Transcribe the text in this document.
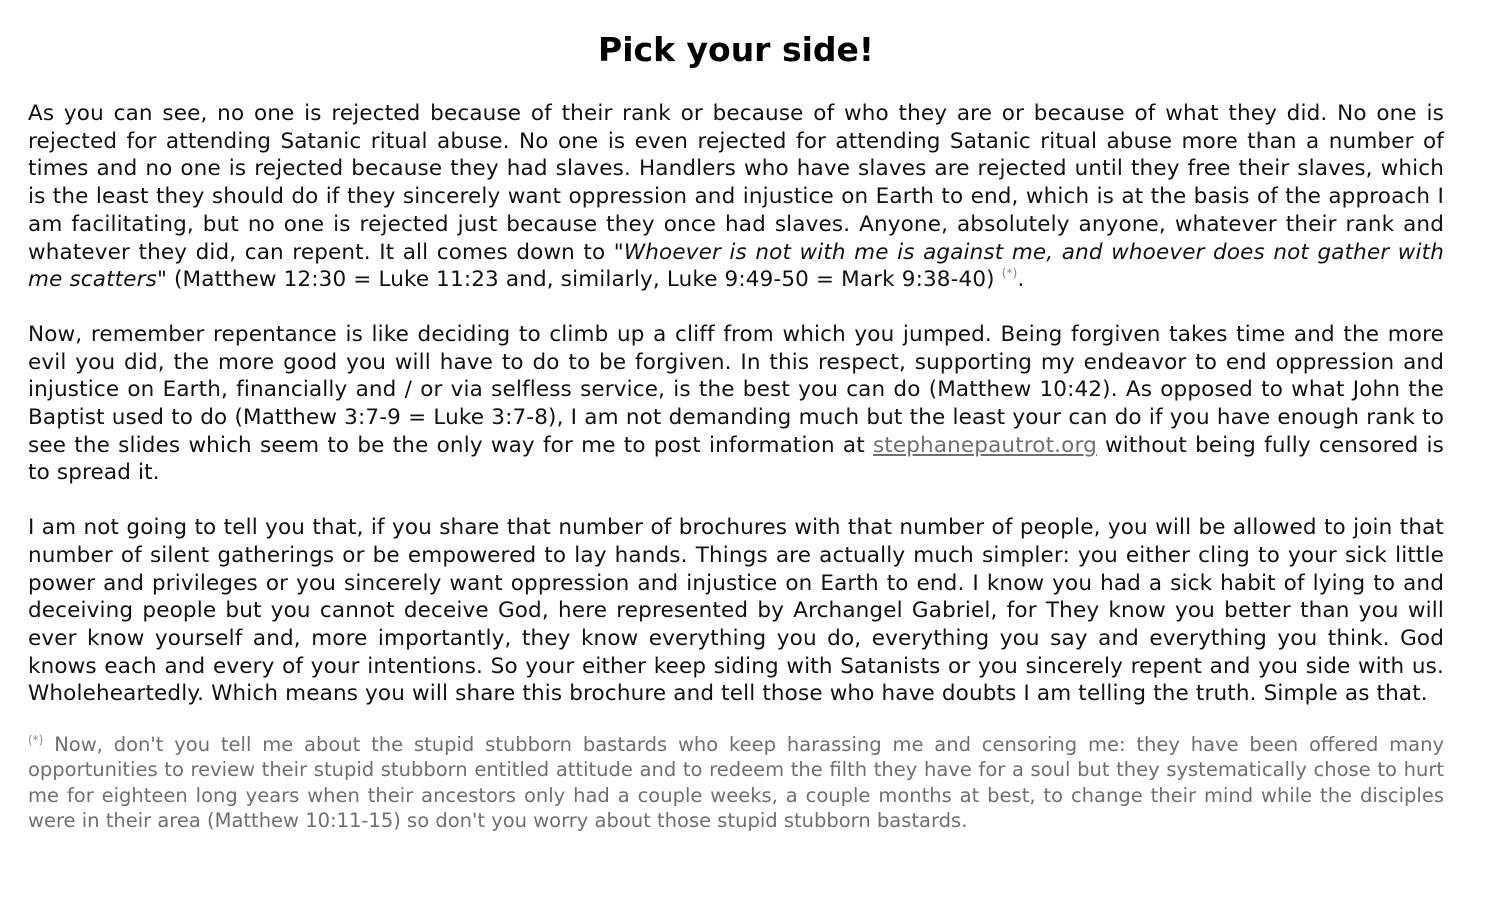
Pick your side!

As you can see, no one is rejected because of their rank or because of who they are or because of what they did. No one is rejected for attending Satanic ritual abuse. No one is even rejected for attending Satanic ritual abuse more than a number of times and no one is rejected because they had slaves. Handlers who have slaves are rejected until they free their slaves, which is the least they should do if they sincerely want oppression and injustice on Earth to end, which is at the basis of the approach I am facilitating, but no one is rejected just because they once had slaves. Anyone, absolutely anyone, whatever their rank and whatever they did, can repent. It all comes down to "Whoever is not with me is against me, and whoever does not gather with me scatters" (Matthew 12:30 = Luke 11:23 and, similarly, Luke 9:49-50 = Mark 9:38-40) (*).

Now, remember repentance is like deciding to climb up a cliff from which you jumped. Being forgiven takes time and the more evil you did, the more good you will have to do to be forgiven. In this respect, supporting my endeavor to end oppression and injustice on Earth, financially and / or via selfless service, is the best you can do (Matthew 10:42). As opposed to what John the Baptist used to do (Matthew 3:7-9 = Luke 3:7-8), I am not demanding much but the least your can do if you have enough rank to see the slides which seem to be the only way for me to post information at stephanepautrot.org without being fully censored is to spread it.

I am not going to tell you that, if you share that number of brochures with that number of people, you will be allowed to join that number of silent gatherings or be empowered to lay hands. Things are actually much simpler: you either cling to your sick little power and privileges or you sincerely want oppression and injustice on Earth to end. I know you had a sick habit of lying to and deceiving people but you cannot deceive God, here represented by Archangel Gabriel, for They know you better than you will ever know yourself and, more importantly, they know everything you do, everything you say and everything you think. God knows each and every of your intentions. So your either keep siding with Satanists or you sincerely repent and you side with us. Wholeheartedly. Which means you will share this brochure and tell those who have doubts I am telling the truth. Simple as that.

(*) Now, don't you tell me about the stupid stubborn bastards who keep harassing me and censoring me: they have been offered many opportunities to review their stupid stubborn entitled attitude and to redeem the filth they have for a soul but they systematically chose to hurt me for eighteen long years when their ancestors only had a couple weeks, a couple months at best, to change their mind while the disciples were in their area (Matthew 10:11-15) so don't you worry about those stupid stubborn bastards.
